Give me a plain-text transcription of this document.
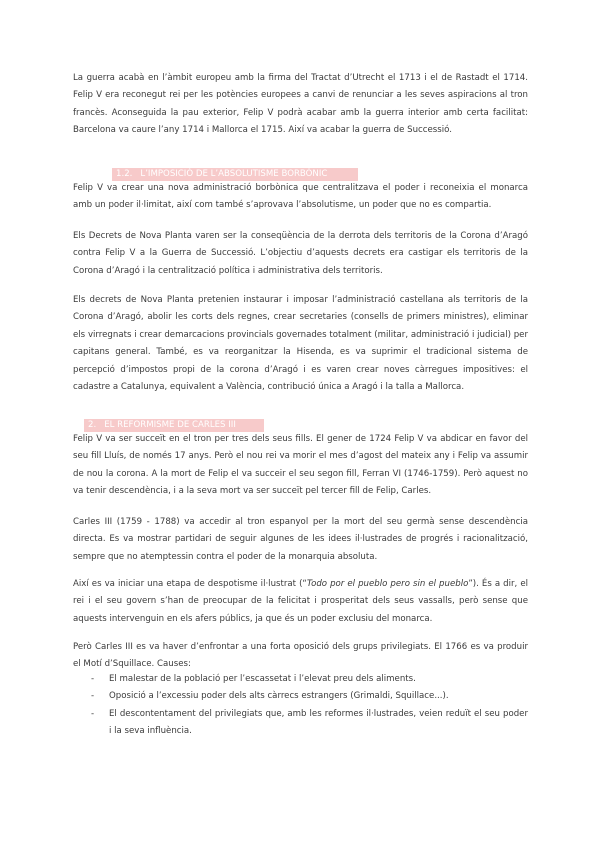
La guerra acabà en l’àmbit europeu amb la firma del Tractat d’Utrecht el 1713 i el de Rastadt el 1714. Felip V era reconegut rei per les potències europees a canvi de renunciar a les seves aspiracions al tron francès. Aconseguida la pau exterior, Felip V podrà acabar amb la guerra interior amb certa facilitat: Barcelona va caure l’any 1714 i Mallorca el 1715. Així va acabar la guerra de Successió.

1.2. L’IMPOSICIÓ DE L’ABSOLUTISME BORBÒNIC

Felip V va crear una nova administració borbònica que centralitzava el poder i reconeixia el monarca amb un poder il·limitat, així com també s’aprovava l’absolutisme, un poder que no es compartia.

Els Decrets de Nova Planta varen ser la conseqüència de la derrota dels territoris de la Corona d’Aragó contra Felip V a la Guerra de Successió. L’objectiu d’aquests decrets era castigar els territoris de la Corona d’Aragó i la centralització política i administrativa dels territoris.

Els decrets de Nova Planta pretenien instaurar i imposar l’administració castellana als territoris de la Corona d’Aragó, abolir les corts dels regnes, crear secretaries (consells de primers ministres), eliminar els virregnats i crear demarcacions provincials governades totalment (militar, administració i judicial) per capitans general. També, es va reorganitzar la Hisenda, es va suprimir el tradicional sistema de percepció d’impostos propi de la corona d’Aragó i es varen crear noves càrregues impositives: el cadastre a Catalunya, equivalent a València, contribució única a Aragó i la talla a Mallorca.

2. EL REFORMISME DE CARLES III

Felip V va ser succeït en el tron per tres dels seus fills. El gener de 1724 Felip V va abdicar en favor del seu fill Lluís, de només 17 anys. Però el nou rei va morir el mes d’agost del mateix any i Felip va assumir de nou la corona. A la mort de Felip el va succeir el seu segon fill, Ferran VI (1746-1759). Però aquest no va tenir descendència, i a la seva mort va ser succeït pel tercer fill de Felip, Carles.

Carles III (1759 - 1788) va accedir al tron espanyol per la mort del seu germà sense descendència directa. Es va mostrar partidari de seguir algunes de les idees il·lustrades de progrés i racionalització, sempre que no atemptessin contra el poder de la monarquia absoluta.

Així es va iniciar una etapa de despotisme il·lustrat (“Todo por el pueblo pero sin el pueblo”). És a dir, el rei i el seu govern s’han de preocupar de la felicitat i prosperitat dels seus vassalls, però sense que aquests intervenguin en els afers públics, ja que és un poder exclusiu del monarca.

Però Carles III es va haver d’enfrontar a una forta oposició dels grups privilegiats. El 1766 es va produir el Motí d’Squillace. Causes:

- El malestar de la població per l’escassetat i l’elevat preu dels aliments.
- Oposició a l’excessiu poder dels alts càrrecs estrangers (Grimaldi, Squillace...).
- El descontentament del privilegiats que, amb les reformes il·lustrades, veien reduït el seu poder i la seva influència.
